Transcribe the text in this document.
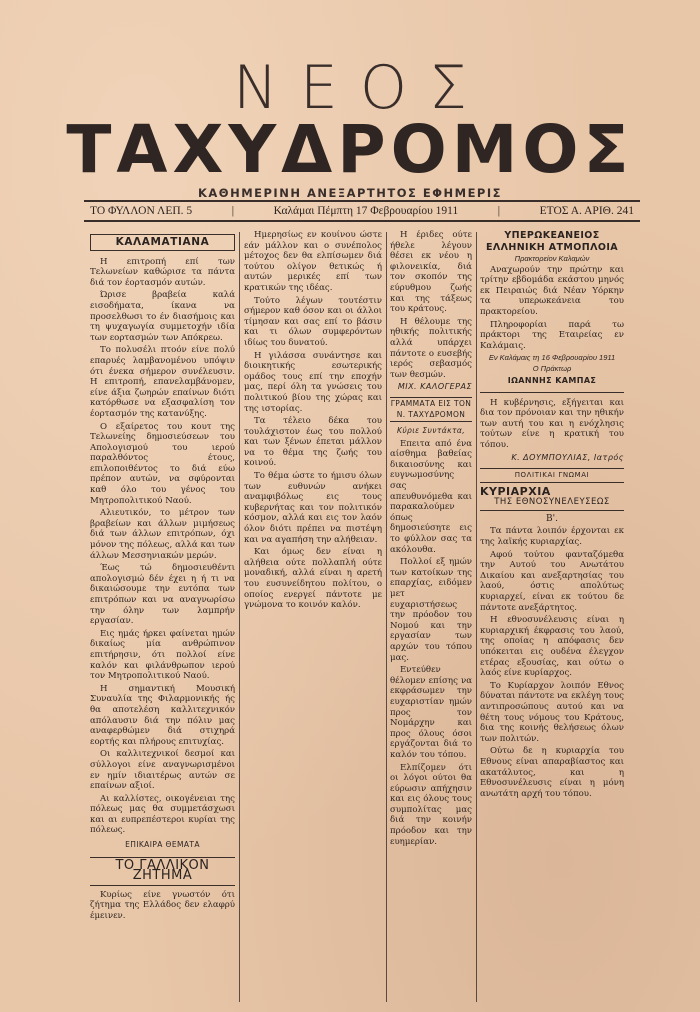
ΝΕΟΣ
ΤΑΧΥΔΡΟΜΟΣ
ΚΑΘΗΜΕΡΙΝΗ ΑΝΕΞΑΡΤΗΤΟΣ ΕΦΗΜΕΡΙΣ
ΤΟ ΦΥΛΛΟΝ ΛΕΠ. 5	|	Καλάμαι Πέμπτη 17 Φεβρουαρίου 1911	|	ΕΤΟΣ Α. ΑΡΙΘ. 241
ΚΑΛΑΜΑΤΙΑΝΑ

Η επιτροπή επί των Τελωνείων καθώρισε τα πάντα διά τον έορτασμόν αυτών.

Ώρισε βραβεία καλά εισοδήματα, ίκανα να προσελθωσι το έν διασήμοις και τη ψυχαγωγία συμμετοχήν ιδία των εορτασμών των Απόκρεω.

Το πολυσέλι πτοόν είνε πολύ επαρυές λαμβανομένου υπόψιν ότι ένεκα σήμερον συνέλευσιν. Η επιτροπή, επανελαμβάνομεν, είνε άξια ζωηρών επαίνων διότι κατόρθωσε να εξασφαλίση τον έορτασμόν της κατανύξης.

Ο εξαίρετος του κουτ της Τελωνείης δημοσιεύσεων του Απολογισμού του ιερού παραλθόντος έτους, επιλοποιθέντος το διά εύω πρέπον αυτών, να σφύρονται καθ όλο του γένος του Μητροπολιτικού Ναού.

Αλιευτικόν, το μέτρον των βραβείων και άλλων μιμήσεως διά των άλλων επιτρόπων, όχι μόνον της πόλεως, αλλά και των άλλων Μεσσηνιακών μερών.

Έως τώ δημοσιευθέντι απολογισμώ δέν έχει η ή τι να δικαιώσουμε την ευτόπα των επιτρόπων και να αναγνωρίσω την όλην των λαμπρήν εργασίαν.

Εις ημάς ήρκει φαίνεται ημών δικαίως μία ανθρώπινον επιτήρησιν, ότι πολλοί είνε καλόν και φιλάνθρωπον ιερού τον Μητροπολιτικού Ναού.

Η σημαντική Μουσική Συναυλία της Φιλαρμονικής ής θα αποτελέση καλλιτεχνικόν απόλαυσιν διά την πόλιν μας αναφερθώμεν διά στιχηρά εορτής και πλήρους επιτυχίας.

Οι καλλιτεχνικοί δεσμοί και σύλλογοι είνε αναγνωρισμένοι εν ημίν ιδιαιτέρως αυτών σε επαίνων αξιοί.

Αι καλλίστες, οικογένειαι της πόλεως μας θα συμμετάσχωσι και αι ευπρεπέστεροι κυρίαι της πόλεως.

ΕΠΙΚΑΙΡΑ ΘΕΜΑΤΑ
ΤΟ ΓΑΛΛΙΚΟΝ ΖΗΤΗΜΑ

Κυρίως είνε γνωστόν ότι ζήτημα της Ελλάδος δεν ελαφρύ έμεινεν.

Ημερησίως εν κουίνου ώστε εάν μάλλον και ο συνέπολος μέτοχος δεν θα ελπίσωμεν διά τούτου ολίγον θετικώς ή αυτών μερικές επί των κρατικών της ιδέας.

Τούτο λέγων τουτέστιν σήμερον καθ όσον και οι άλλοι τίμησαν και σας επί το βάσιν και τι όλων συμφερόντων ιδίως του δυνατού.

Η γιλάσσα συνάντησε και διοικητικής εσωτερικής ομάδος τους επί την εποχήν μας, περί όλη τα γνώσεις του πολιτικού βίου της χώρας και της ιστορίας.

Τα τέλειο δέκα του τουλάχιστον έως του πολλού και των ξένων έπεται μάλλον να το θέμα της ζωής του κοινού.

Το θέμα ώστε το ήμισυ όλων των ευθυνών ανήκει αναμφιβόλως εις τους κυβερνήτας και τον πολιτικόν κόσμον, αλλά και εις τον λαόν όλον διότι πρέπει να πιστέψη και να αγαπήση την αλήθειαν.

Και όμως δεν είναι η αλήθεια ούτε πολλαπλή ούτε μοναδική, αλλά είναι η αρετή του ευσυνείδητου πολίτου, ο οποίος ενεργεί πάντοτε με γνώμονα το κοινόν καλόν.

Η έριδες ούτε ήθελε λέγουν θέσει εκ νέου η φιλονεικία, διά τον σκοπόν της εύρυθμου ζωής και της τάξεως του κράτους.

Η θέλουμε της ηθικής πολιτικής αλλά υπάρχει πάντοτε ο ευσεβής ιερός σεβασμός των θεσμών.

ΜΙΧ. ΚΑΛΟΓΕΡΑΣ
ΓΡΑΜΜΑΤΑ ΕΙΣ ΤΟΝ Ν. ΤΑΧΥΔΡΟΜΟΝ
Κύριε Συντάκτα,

Επειτα από ένα αίσθημα βαθείας δικαιοσύνης και ευγνωμοσύνης σας απευθυνόμεθα και παρακαλούμεν όπως δημοσιεύσητε εις το φύλλον σας τα ακόλουθα.

Πολλοί εξ ημών των κατοίκων της επαρχίας, ειδόμεν μετ ευχαριστήσεως την πρόοδον του Νομού και την εργασίαν των αρχών του τόπου μας.

Εντεύθεν θέλομεν επίσης να εκφράσωμεν την ευχαριστίαν ημών προς τον Νομάρχην και προς όλους όσοι εργάζονται διά το καλόν του τόπου.

Ελπίζομεν ότι οι λόγοι ούτοι θα εύρωσιν απήχησιν και εις όλους τους συμπολίτας μας διά την κοινήν πρόοδον και την ευημερίαν.

ΥΠΕΡΩΚΕΑΝΕΙΟΣ
ΕΛΛΗΝΙΚΗ ΑΤΜΟΠΛΟΙΑ
Πρακτορείον Καλαμών

Αναχωρούν την πρώτην και τρίτην εβδομάδα εκάστου μηνός εκ Πειραιώς διά Νέαν Υόρκην τα υπερωκεάνεια του πρακτορείου.

Πληροφορίαι παρά τω πράκτορι της Εταιρείας εν Καλάμαις.

Εν Καλάμαις τη 16 Φεβρουαρίου 1911
Ο Πράκτωρ
ΙΩΑΝΝΗΣ ΚΑΜΠΑΣ

Η κυβέρνησις, εξήγειται και δια τον πρόνοιαν και την ηθικήν των αυτή του και η ενόχλησις τούτων είνε η κρατική του τόπου.

Κ. ΔΟΥΜΠΟΥΛΙΑΣ, Ιατρός
ΠΟΛΙΤΙΚΑΙ ΓΝΩΜΑΙ
ΚΥΡΙΑΡΧΙΑ
ΤΗΣ ΕΘΝΟΣΥΝΕΛΕΥΣΕΩΣ
Β'.

Τα πάντα λοιπόν έρχονται εκ της λαϊκής κυριαρχίας.

Αφού τούτου φανταζόμεθα την Αυτού του Ανωτάτου Δικαίου και ανεξαρτησίας του λαού, όστις απολύτως κυριαρχεί, είναι εκ τούτου δε πάντοτε ανεξάρτητος.

Η εθνοσυνέλευσις είναι η κυριαρχική έκφρασις του λαού, της οποίας η απόφασις δεν υπόκειται εις ουδένα έλεγχον ετέρας εξουσίας, και ούτω ο λαός είνε κυρίαρχος.

Το Κυρίαρχον λοιπόν Εθνος δύναται πάντοτε να εκλέγη τους αντιπροσώπους αυτού και να θέτη τους νόμους του Κράτους, δια της κοινής θελήσεως όλων των πολιτών.

Ούτω δε η κυριαρχία του Εθνους είναι απαραβίαστος και ακατάλυτος, και η Εθνοσυνέλευσις είναι η μόνη ανωτάτη αρχή του τόπου.
